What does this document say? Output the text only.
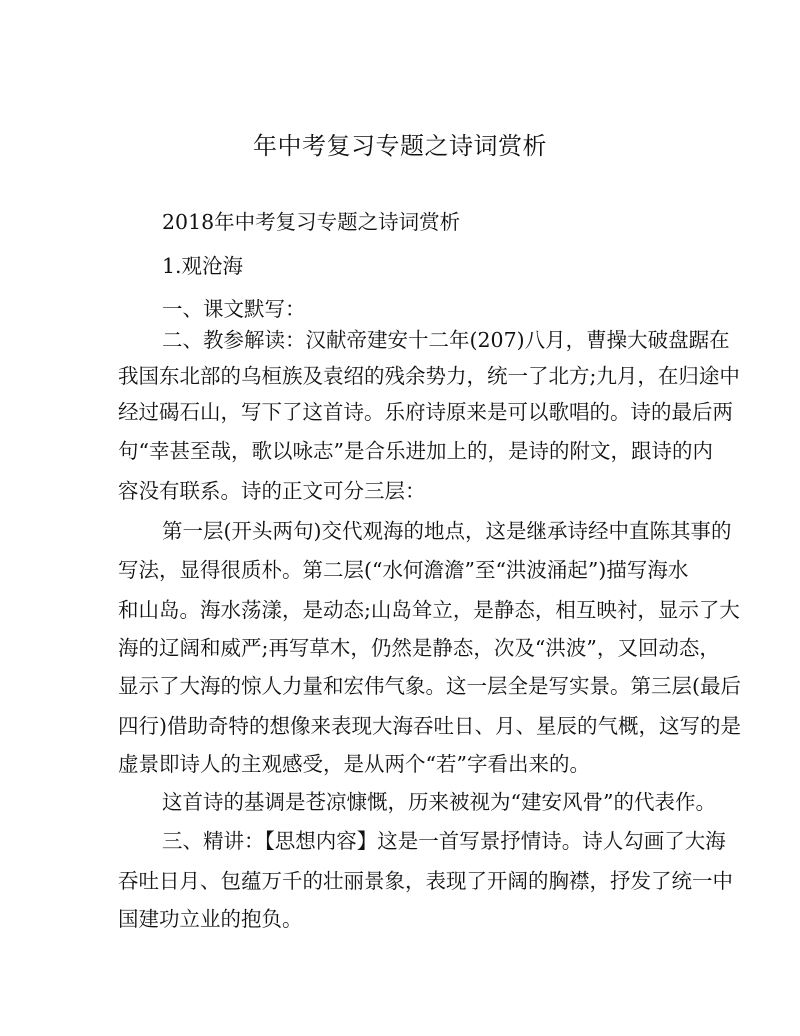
年中考复习专题之诗词赏析
2018年中考复习专题之诗词赏析
1.观沧海
一、课文默写：
二、教参解读：汉献帝建安十二年(207)八月，曹操大破盘踞在
我国东北部的乌桓族及袁绍的残余势力，统一了北方;九月，在归途中
经过碣石山，写下了这首诗。乐府诗原来是可以歌唱的。诗的最后两
句“幸甚至哉，歌以咏志”是合乐进加上的，是诗的附文，跟诗的内
容没有联系。诗的正文可分三层：
第一层(开头两句)交代观海的地点，这是继承诗经中直陈其事的
写法，显得很质朴。第二层(“水何澹澹”至“洪波涌起”)描写海水
和山岛。海水荡漾，是动态;山岛耸立，是静态，相互映衬，显示了大
海的辽阔和威严;再写草木，仍然是静态，次及“洪波”，又回动态，
显示了大海的惊人力量和宏伟气象。这一层全是写实景。第三层(最后
四行)借助奇特的想像来表现大海吞吐日、月、星辰的气概，这写的是
虚景即诗人的主观感受，是从两个“若”字看出来的。
这首诗的基调是苍凉慷慨，历来被视为“建安风骨”的代表作。
三、精讲：【思想内容】这是一首写景抒情诗。诗人勾画了大海
吞吐日月、包蕴万千的壮丽景象，表现了开阔的胸襟，抒发了统一中
国建功立业的抱负。
